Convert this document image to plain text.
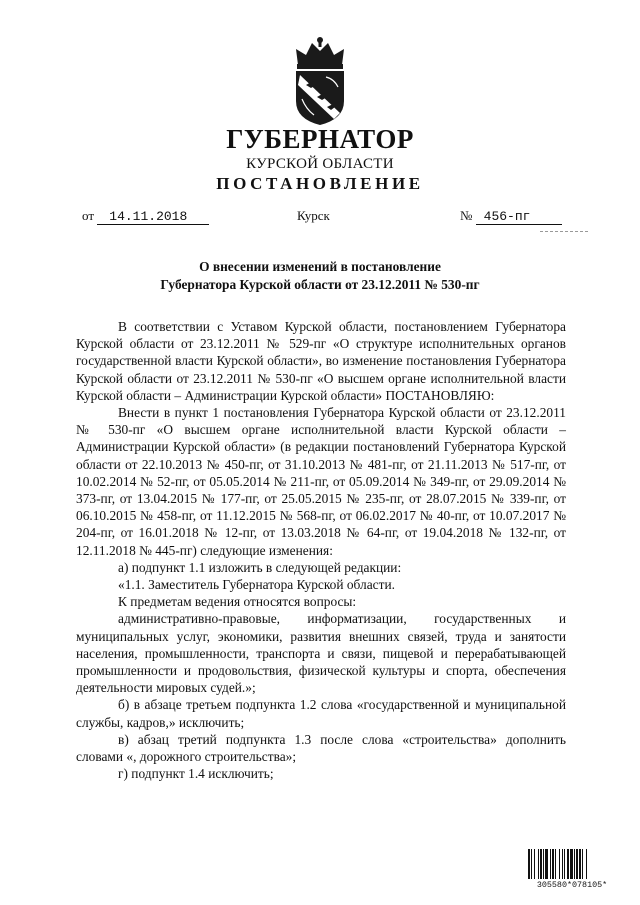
ГУБЕРНАТОР
КУРСКОЙ ОБЛАСТИ
ПОСТАНОВЛЕНИЕ
от 14.11.2018	Курск	№ 456-пг
О внесении изменений в постановление
Губернатора Курской области от 23.12.2011 № 530-пг

В соответствии с Уставом Курской области, постановлением Губернатора Курской области от 23.12.2011 № 529-пг «О структуре исполнительных органов государственной власти Курской области», во изменение постановления Губернатора Курской области от 23.12.2011 № 530-пг «О высшем органе исполнительной власти Курской области – Администрации Курской области» ПОСТАНОВЛЯЮ:

Внести в пункт 1 постановления Губернатора Курской области от 23.12.2011 № 530-пг «О высшем органе исполнительной власти Курской области – Администрации Курской области» (в редакции постановлений Губернатора Курской области от 22.10.2013 № 450-пг, от 31.10.2013 № 481-пг, от 21.11.2013 № 517-пг, от 10.02.2014 № 52-пг, от 05.05.2014 № 211-пг, от 05.09.2014 № 349-пг, от 29.09.2014 № 373-пг, от 13.04.2015 № 177-пг, от 25.05.2015 № 235-пг, от 28.07.2015 № 339-пг, от 06.10.2015 № 458-пг, от 11.12.2015 № 568-пг, от 06.02.2017 № 40-пг, от 10.07.2017 № 204-пг, от 16.01.2018 № 12-пг, от 13.03.2018 № 64-пг, от 19.04.2018 № 132-пг, от 12.11.2018 № 445-пг) следующие изменения:

а) подпункт 1.1 изложить в следующей редакции:

«1.1. Заместитель Губернатора Курской области.

К предметам ведения относятся вопросы:

административно-правовые, информатизации, государственных и муниципальных услуг, экономики, развития внешних связей, труда и занятости населения, промышленности, транспорта и связи, пищевой и перерабатывающей промышленности и продовольствия, физической культуры и спорта, обеспечения деятельности мировых судей.»;

б) в абзаце третьем подпункта 1.2 слова «государственной и муниципальной службы, кадров,» исключить;

в) абзац третий подпункта 1.3 после слова «строительства» дополнить словами «, дорожного строительства»;

г) подпункт 1.4 исключить;

305580*078105*
